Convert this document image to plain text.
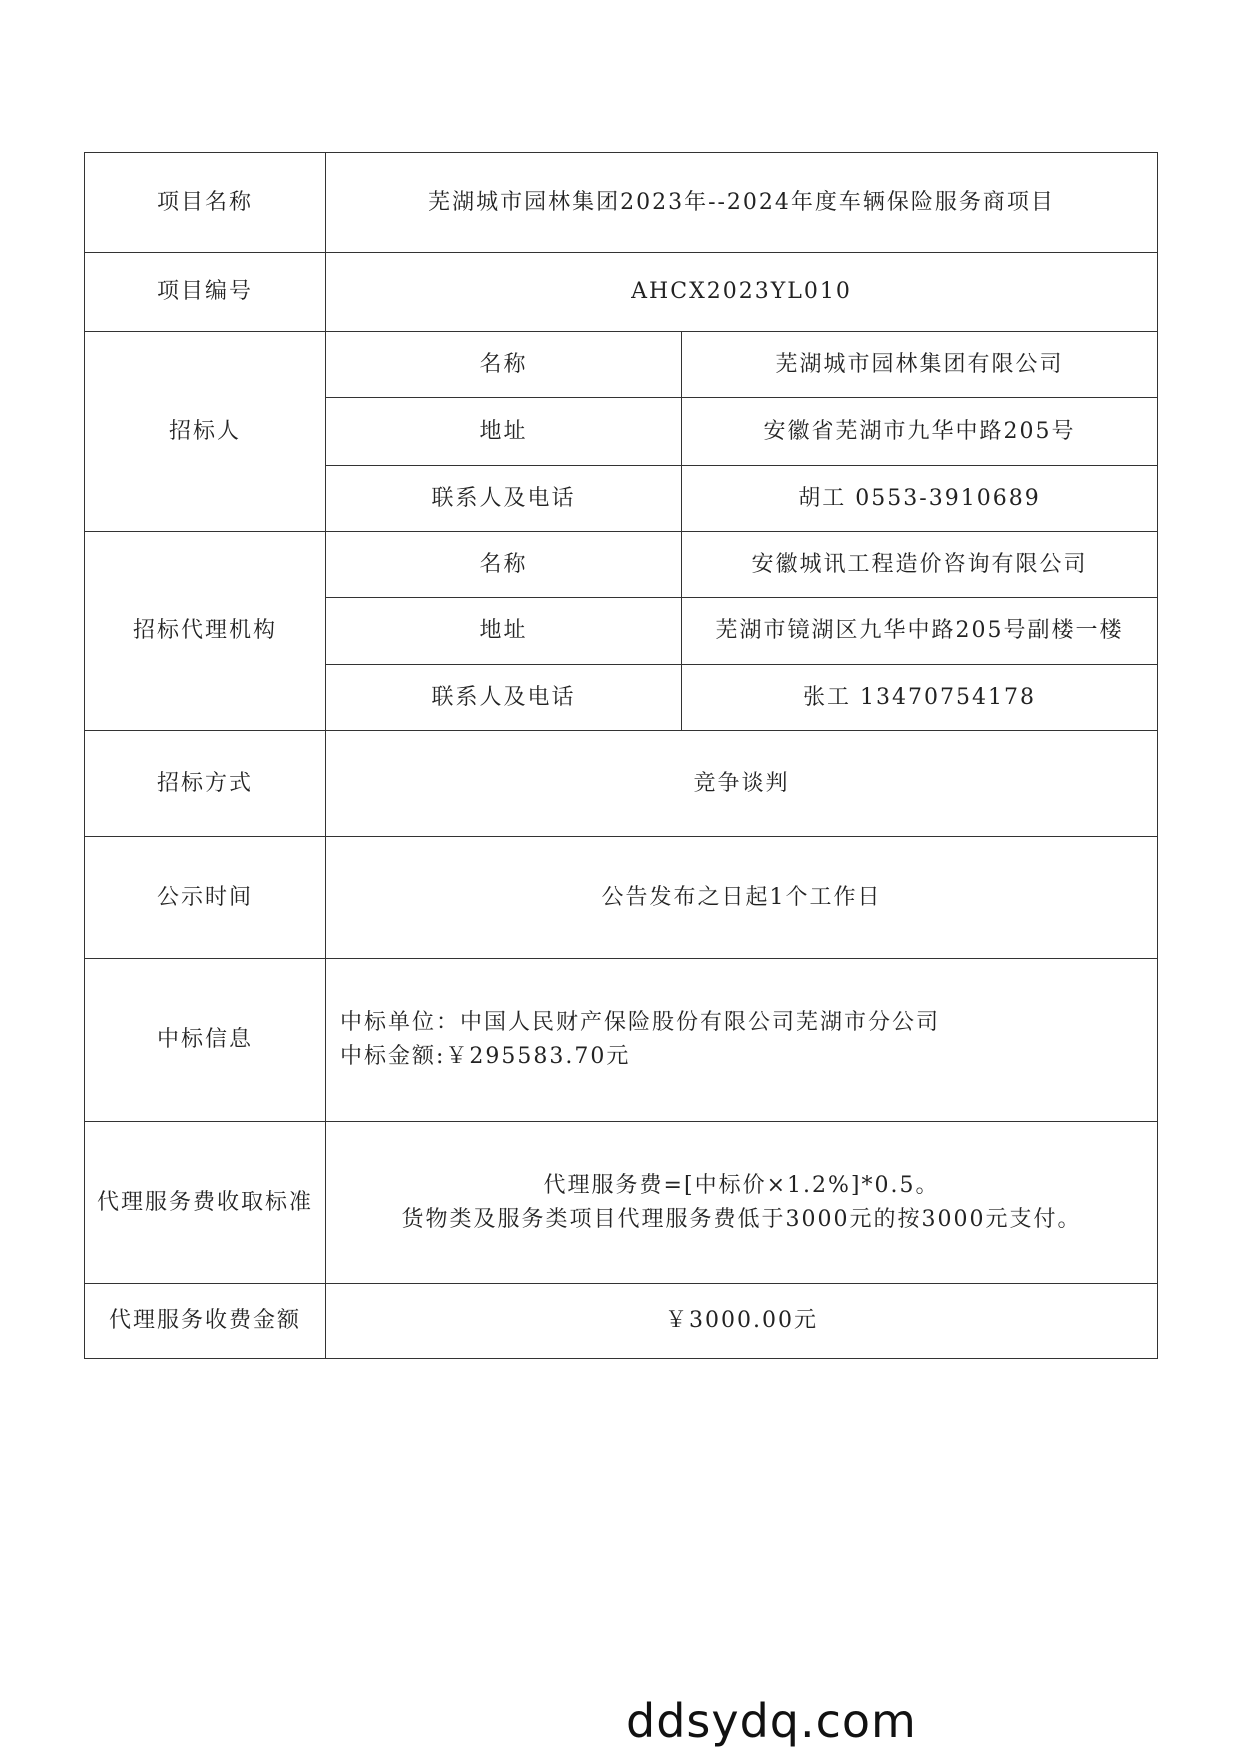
项目名称	芜湖城市园林集团2023年--2024年度车辆保险服务商项目	
项目编号	AHCX2023YL010	
招标人	名称	芜湖城市园林集团有限公司
	地址	安徽省芜湖市九华中路205号
	联系人及电话	胡工 0553-3910689
招标代理机构	名称	安徽城讯工程造价咨询有限公司
	地址	芜湖市镜湖区九华中路205号副楼一楼
	联系人及电话	张工 13470754178
招标方式	竞争谈判	
公示时间	公告发布之日起1个工作日	
中标信息	中标单位：中国人民财产保险股份有限公司芜湖市分公司
中标金额:￥295583.70元	

代理服务费收取标准	代理服务费=[中标价×1.2%]*0.5。
货物类及服务类项目代理服务费低于3000元的按3000元支付。	

代理服务收费金额	￥3000.00元	
ddsydq.com
